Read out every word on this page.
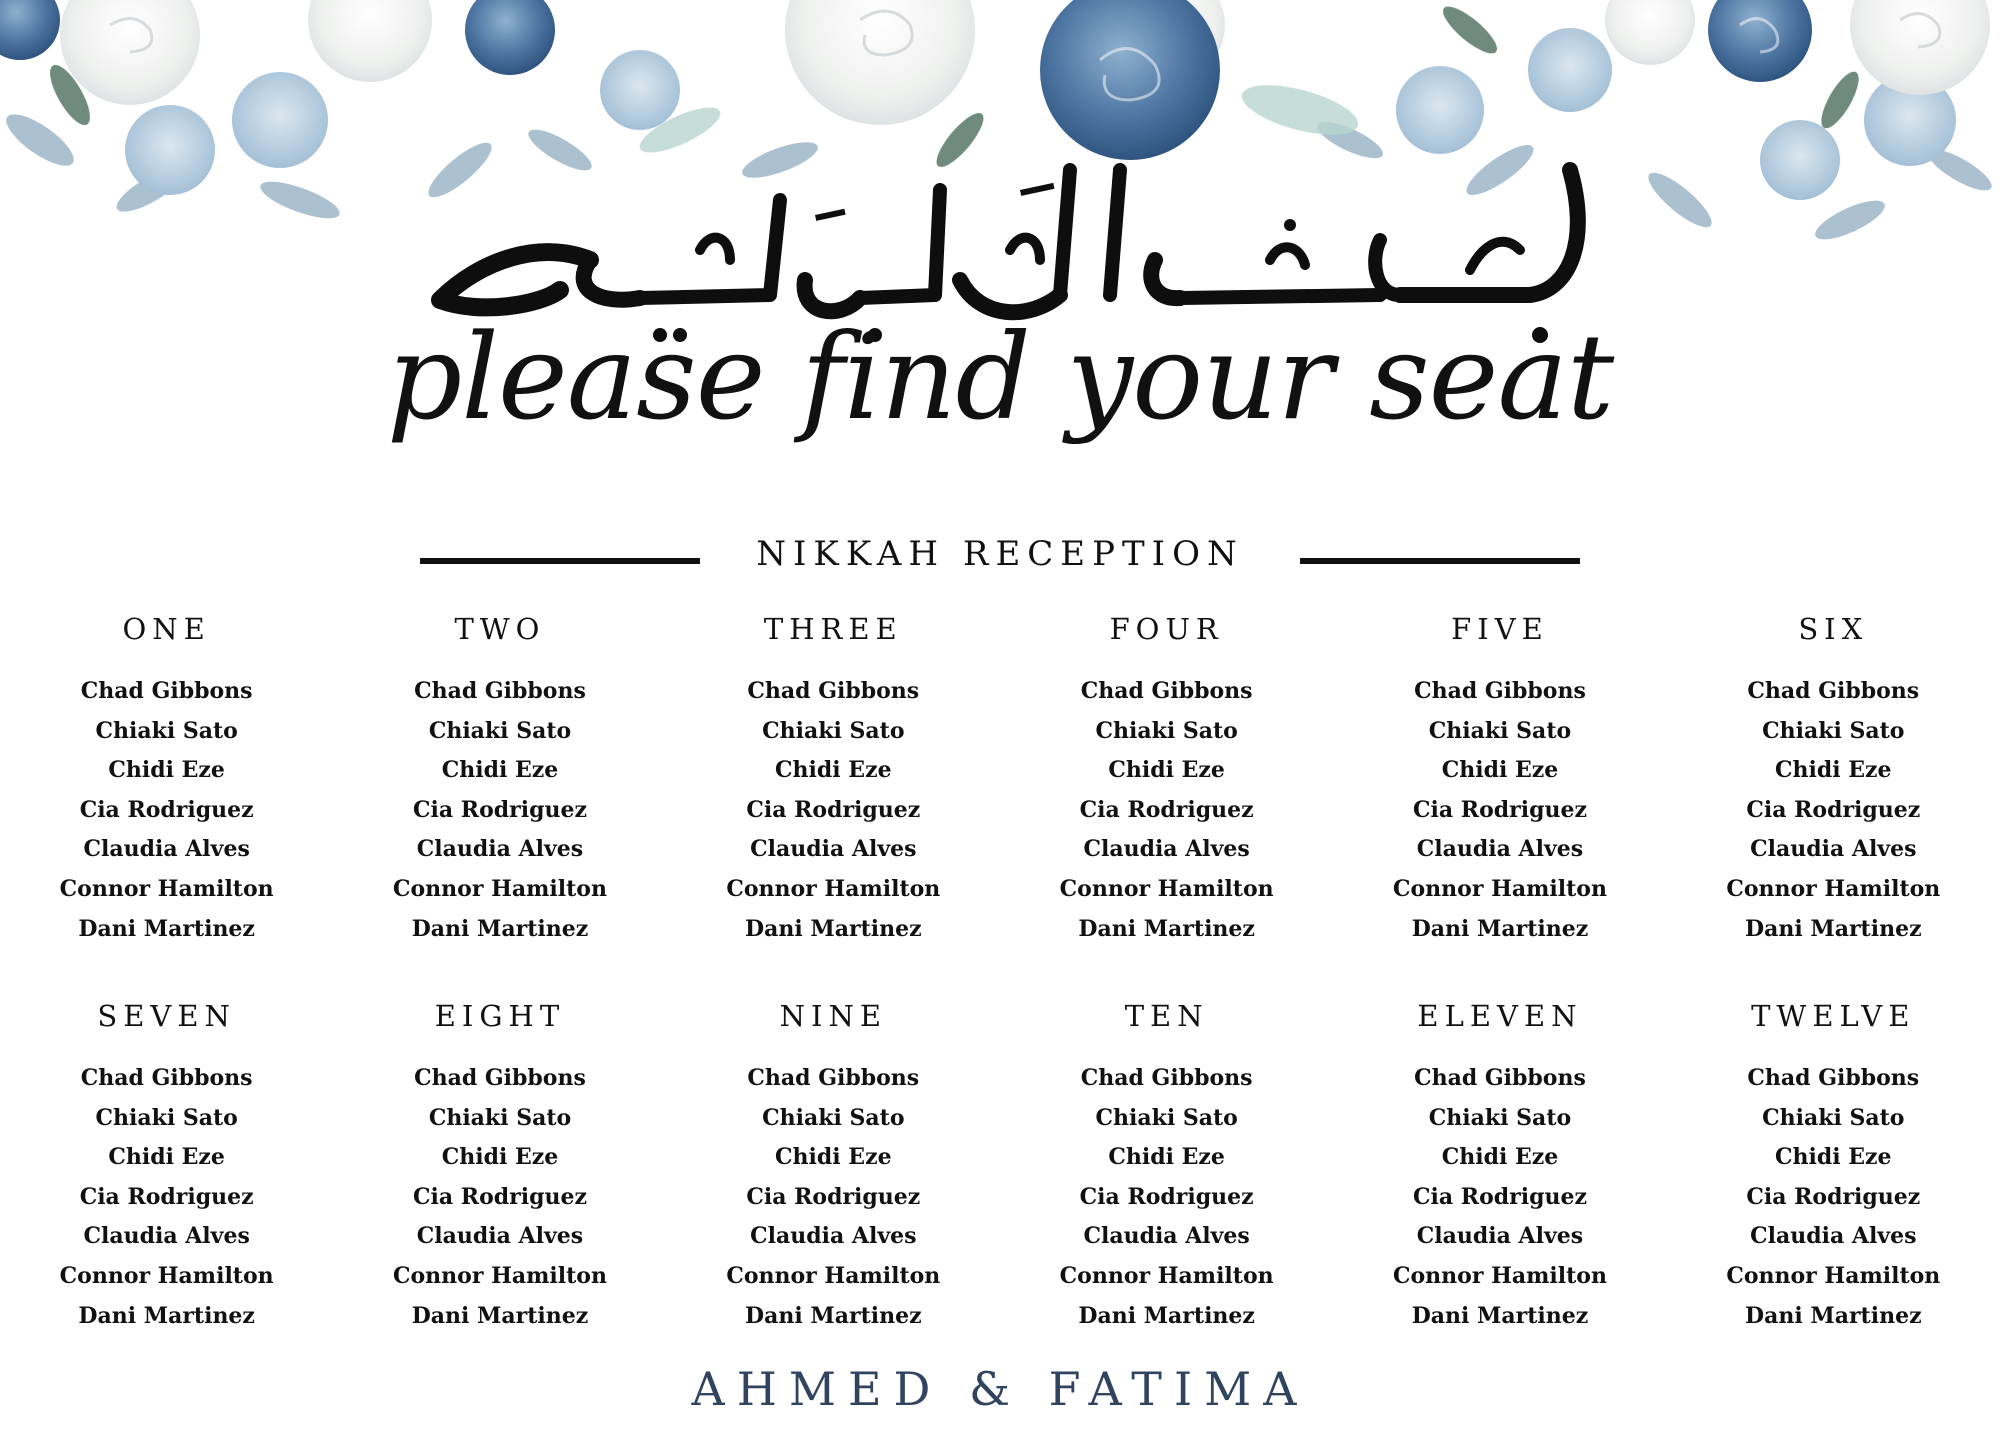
please find your seat
NIKKAH RECEPTION
ONE
Chad Gibbons
Chiaki Sato
Chidi Eze
Cia Rodriguez
Claudia Alves
Connor Hamilton
Dani Martinez
TWO
Chad Gibbons
Chiaki Sato
Chidi Eze
Cia Rodriguez
Claudia Alves
Connor Hamilton
Dani Martinez
THREE
Chad Gibbons
Chiaki Sato
Chidi Eze
Cia Rodriguez
Claudia Alves
Connor Hamilton
Dani Martinez
FOUR
Chad Gibbons
Chiaki Sato
Chidi Eze
Cia Rodriguez
Claudia Alves
Connor Hamilton
Dani Martinez
FIVE
Chad Gibbons
Chiaki Sato
Chidi Eze
Cia Rodriguez
Claudia Alves
Connor Hamilton
Dani Martinez
SIX
Chad Gibbons
Chiaki Sato
Chidi Eze
Cia Rodriguez
Claudia Alves
Connor Hamilton
Dani Martinez
SEVEN
Chad Gibbons
Chiaki Sato
Chidi Eze
Cia Rodriguez
Claudia Alves
Connor Hamilton
Dani Martinez
EIGHT
Chad Gibbons
Chiaki Sato
Chidi Eze
Cia Rodriguez
Claudia Alves
Connor Hamilton
Dani Martinez
NINE
Chad Gibbons
Chiaki Sato
Chidi Eze
Cia Rodriguez
Claudia Alves
Connor Hamilton
Dani Martinez
TEN
Chad Gibbons
Chiaki Sato
Chidi Eze
Cia Rodriguez
Claudia Alves
Connor Hamilton
Dani Martinez
ELEVEN
Chad Gibbons
Chiaki Sato
Chidi Eze
Cia Rodriguez
Claudia Alves
Connor Hamilton
Dani Martinez
TWELVE
Chad Gibbons
Chiaki Sato
Chidi Eze
Cia Rodriguez
Claudia Alves
Connor Hamilton
Dani Martinez
AHMED & FATIMA
